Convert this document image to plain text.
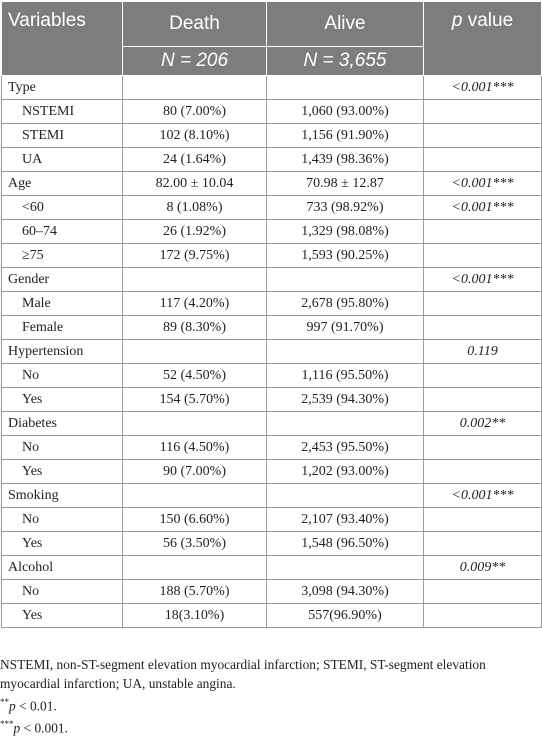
Variables	Death	Alive	p value
	N = 206	N = 3,655	
Type			<0.001***
NSTEMI	80 (7.00%)	1,060 (93.00%)	
STEMI	102 (8.10%)	1,156 (91.90%)	
UA	24 (1.64%)	1,439 (98.36%)	
Age	82.00 ± 10.04	70.98 ± 12.87	<0.001***
<60	8 (1.08%)	733 (98.92%)	<0.001***
60–74	26 (1.92%)	1,329 (98.08%)	
≥75	172 (9.75%)	1,593 (90.25%)	
Gender			<0.001***
Male	117 (4.20%)	2,678 (95.80%)	
Female	89 (8.30%)	997 (91.70%)	
Hypertension			0.119
No	52 (4.50%)	1,116 (95.50%)	
Yes	154 (5.70%)	2,539 (94.30%)	
Diabetes			0.002**
No	116 (4.50%)	2,453 (95.50%)	
Yes	90 (7.00%)	1,202 (93.00%)	
Smoking			<0.001***
No	150 (6.60%)	2,107 (93.40%)	
Yes	56 (3.50%)	1,548 (96.50%)	
Alcohol			0.009**
No	188 (5.70%)	3,098 (94.30%)	
Yes	18(3.10%)	557(96.90%)	

NSTEMI, non-ST-segment elevation myocardial infarction; STEMI, ST-segment elevation myocardial infarction; UA, unstable angina.

**p < 0.01.

***p < 0.001.
